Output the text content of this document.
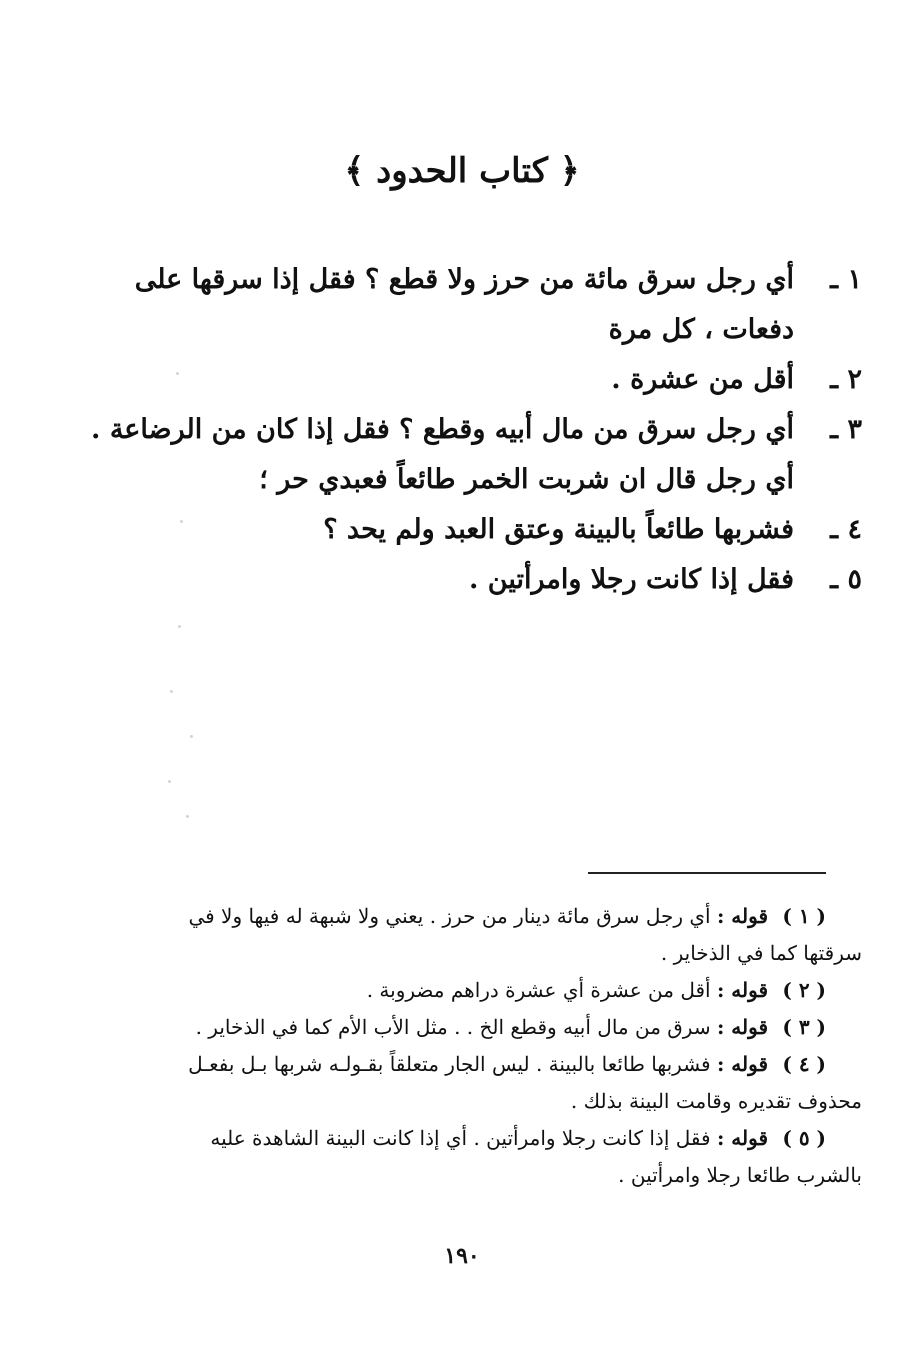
﴿ كتاب الحدود ﴾
١ ـ
أي رجل سرق مائة من حرز ولا قطع ؟ فقل إذا سرقها على
دفعات ، كل مرة
٢ ـ
أقل من عشرة .
٣ ـ
أي رجل سرق من مال أبيه وقطع ؟ فقل إذا كان من الرضاعة .
أي رجل قال ان شربت الخمر طائعاً فعبدي حر ؛
٤ ـ
فشربها طائعاً بالبينة وعتق العبد ولم يحد ؟
٥ ـ
فقل إذا كانت رجلا وامرأتين .
( ١ ) قوله : أي رجل سرق مائة دينار من حرز . يعني ولا شبهة له فيها ولا في
سرقتها كما في الذخاير .
( ٢ ) قوله : أقل من عشرة أي عشرة دراهم مضروبة .
( ٣ ) قوله : سرق من مال أبيه وقطع الخ . . مثل الأب الأم كما في الذخاير .
( ٤ ) قوله : فشربها طائعا بالبينة . ليس الجار متعلقاً بقـولـه شربها بـل بفعـل
محذوف تقديره وقامت البينة بذلك .
( ٥ ) قوله : فقل إذا كانت رجلا وامرأتين . أي إذا كانت البينة الشاهدة عليه
بالشرب طائعا رجلا وامرأتين .
١٩٠
